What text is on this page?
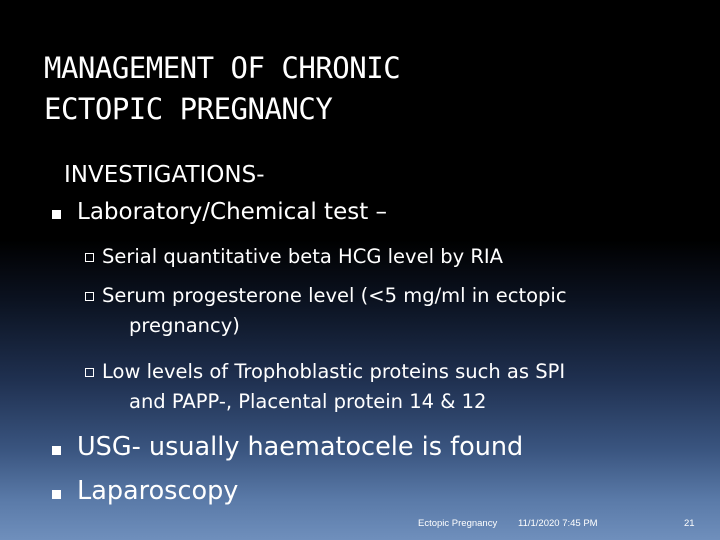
MANAGEMENT OF CHRONIC
ECTOPIC PREGNANCY
INVESTIGATIONS-
Laboratory/Chemical test –
Serial quantitative beta HCG level by RIA
Serum progesterone level (<5 mg/ml in ectopic
pregnancy)
Low levels of Trophoblastic proteins such as SPI
and PAPP-, Placental protein 14 & 12
USG- usually haematocele is found
Laparoscopy
Ectopic Pregnancy 11/1/2020 7:45 PM	21
